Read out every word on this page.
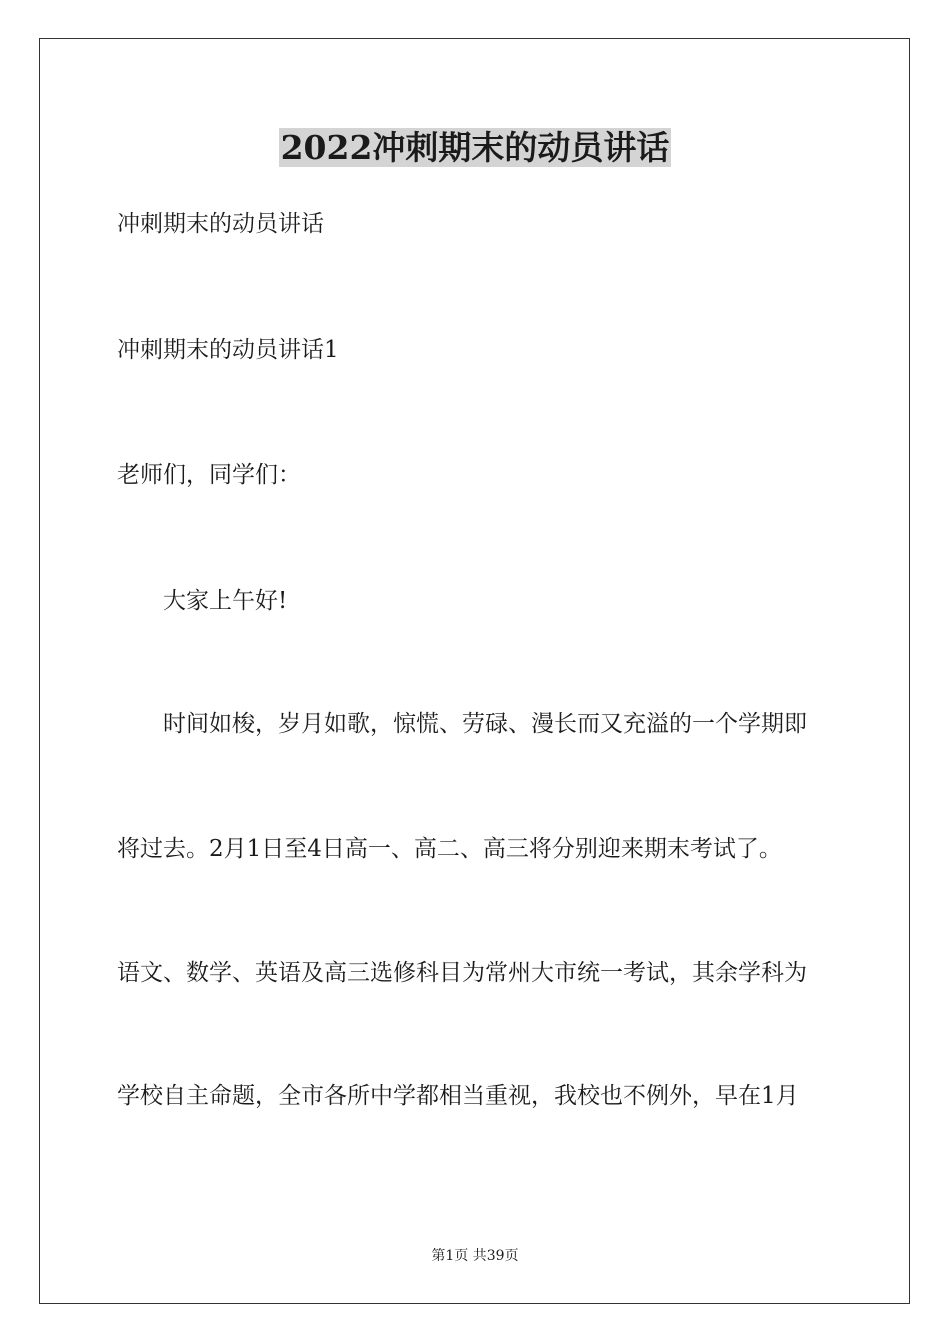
2022冲刺期末的动员讲话
冲刺期末的动员讲话
冲刺期末的动员讲话1
老师们，同学们：
大家上午好!
时间如梭，岁月如歌，惊慌、劳碌、漫长而又充溢的一个学期即
将过去。2月1日至4日高一、高二、高三将分别迎来期末考试了。
语文、数学、英语及高三选修科目为常州大市统一考试，其余学科为
学校自主命题，全市各所中学都相当重视，我校也不例外，早在1月
第1页 共39页
